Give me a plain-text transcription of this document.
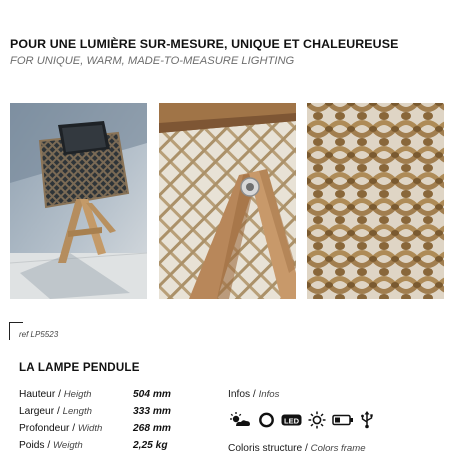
POUR UNE LUMIÈRE SUR-MESURE, UNIQUE ET CHALEUREUSE
FOR UNIQUE, WARM, MADE-TO-MEASURE LIGHTING
ref LP5523
LA LAMPE PENDULE
Hauteur / Heigth	504 mm
Largeur / Length	333 mm
Profondeur / Width	268 mm
Poids / Weigth	2,25 kg
Infos / Infos
LED
Coloris structure / Colors frame
